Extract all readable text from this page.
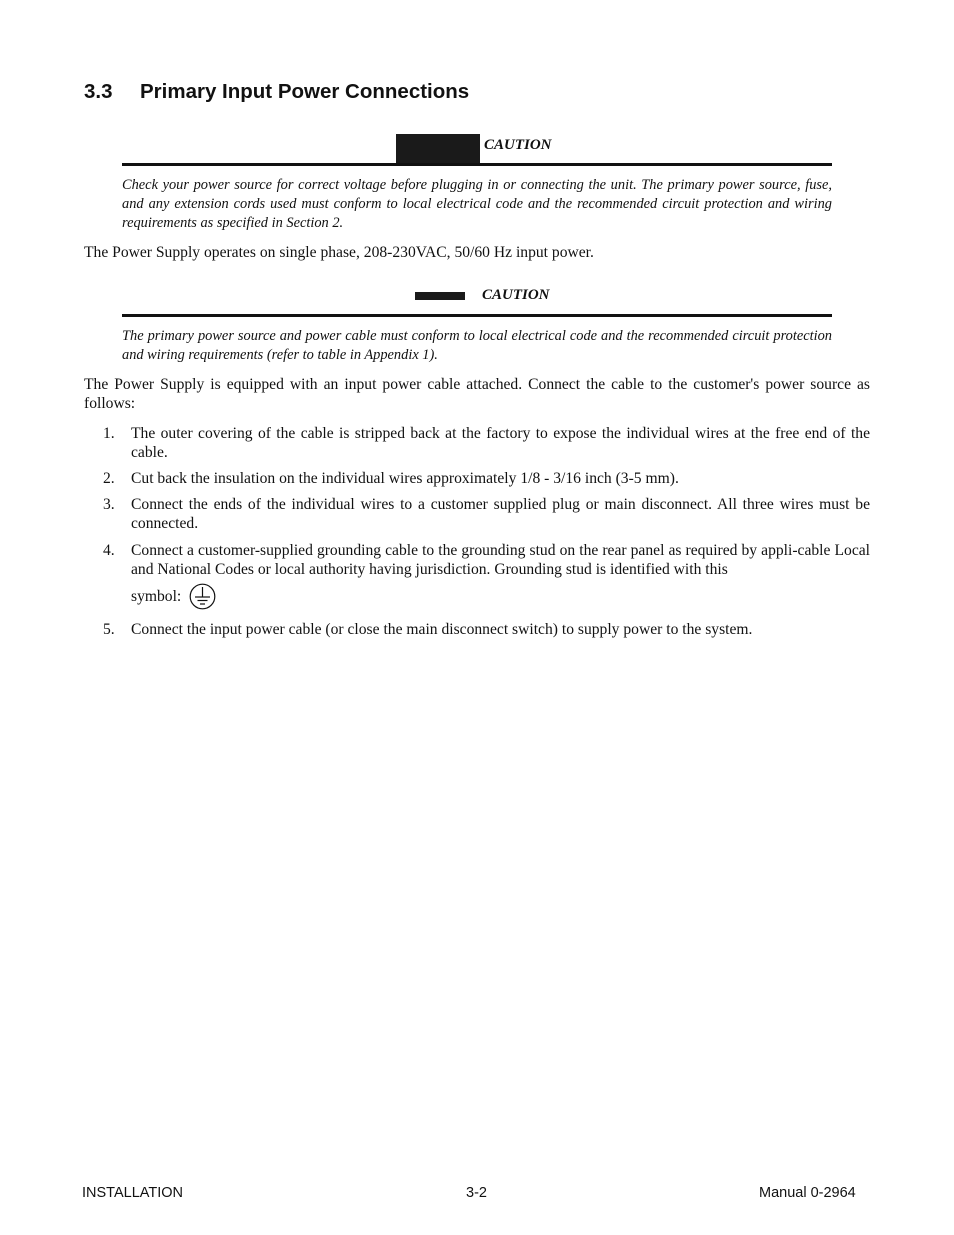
3.3 Primary Input Power Connections
CAUTION

Check your power source for correct voltage before plugging in or connecting the unit. The primary power source, fuse, and any extension cords used must conform to local electrical code and the recommended circuit protection and wiring requirements as specified in Section 2.

The Power Supply operates on single phase, 208-230VAC, 50/60 Hz input power.

CAUTION

The primary power source and power cable must conform to local electrical code and the recommended circuit protection and wiring requirements (refer to table in Appendix 1).

The Power Supply is equipped with an input power cable attached. Connect the cable to the customer's power source as follows:

1. The outer covering of the cable is stripped back at the factory to expose the individual wires at the free end of the cable.
2. Cut back the insulation on the individual wires approximately 1/8 - 3/16 inch (3-5 mm).
3. Connect the ends of the individual wires to a customer supplied plug or main disconnect. All three wires must be connected.
4. Connect a customer-supplied grounding cable to the grounding stud on the rear panel as required by appli-cable Local and National Codes or local authority having jurisdiction. Grounding stud is identified with this
symbol:
5. Connect the input power cable (or close the main disconnect switch) to supply power to the system.
INSTALLATION	3-2	Manual 0-2964
